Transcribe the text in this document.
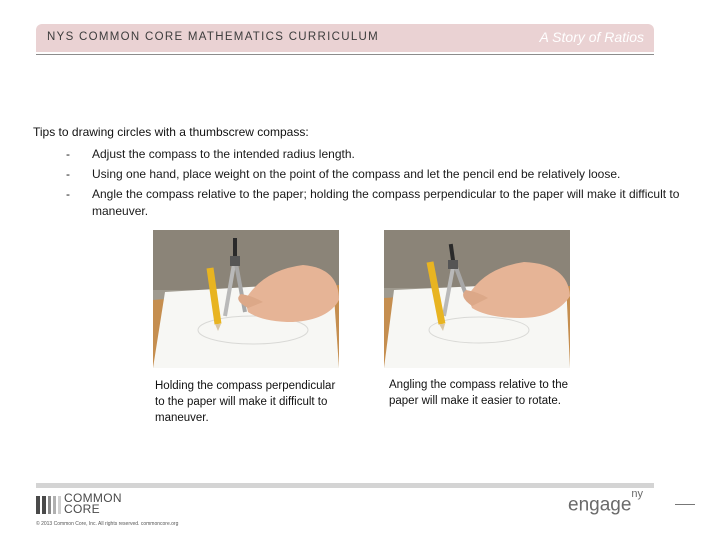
NYS COMMON CORE MATHEMATICS CURRICULUM	A Story of Ratios
Tips to drawing circles with a thumbscrew compass:
- Adjust the compass to the intended radius length.
- Using one hand, place weight on the point of the compass and let the pencil end be relatively loose.
- Angle the compass relative to the paper; holding the compass perpendicular to the paper will make it difficult to maneuver.
Holding the compass perpendicular to the paper will make it difficult to maneuver.
Angling the compass relative to the paper will make it easier to rotate.
COMMON
CORE
© 2013 Common Core, Inc. All rights reserved. commoncore.org
engage$^{ny}$
